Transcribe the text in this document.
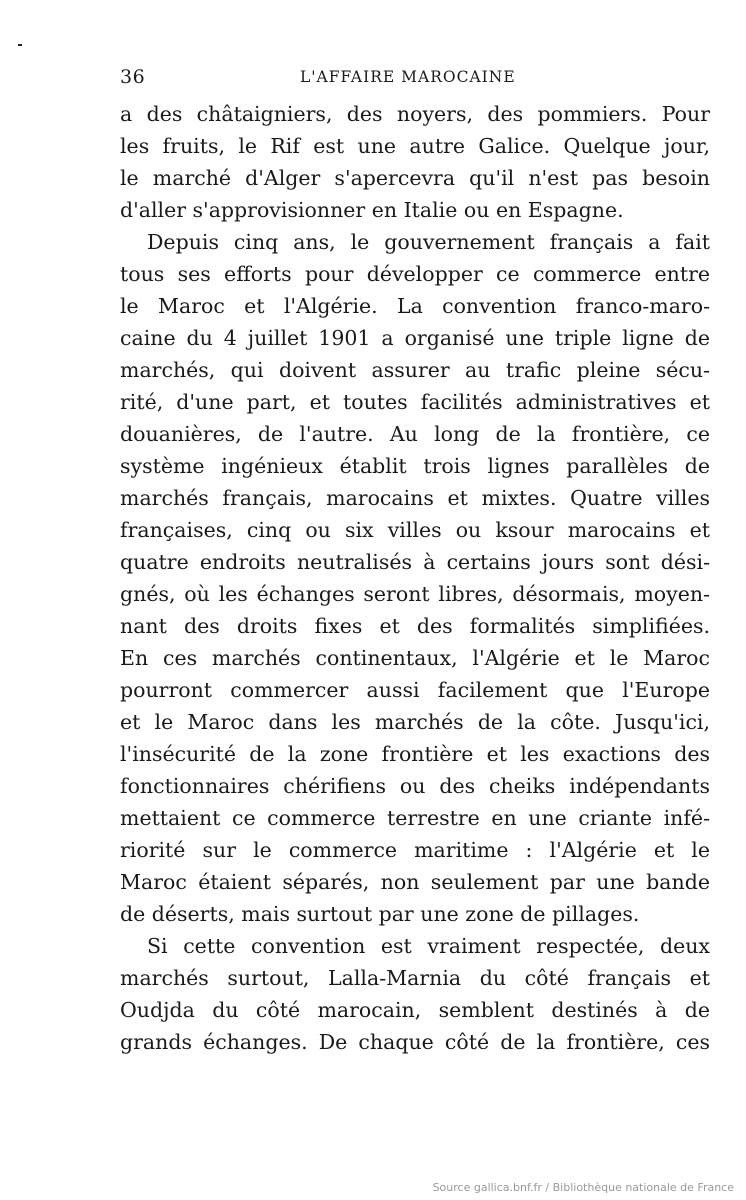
36	L'AFFAIRE MAROCAINE
a des châtaigniers, des noyers, des pommiers. Pour
les fruits, le Rif est une autre Galice. Quelque jour,
le marché d'Alger s'apercevra qu'il n'est pas besoin
d'aller s'approvisionner en Italie ou en Espagne.
Depuis cinq ans, le gouvernement français a fait
tous ses efforts pour développer ce commerce entre
le Maroc et l'Algérie. La convention franco-maro-
caine du 4 juillet 1901 a organisé une triple ligne de
marchés, qui doivent assurer au trafic pleine sécu-
rité, d'une part, et toutes facilités administratives et
douanières, de l'autre. Au long de la frontière, ce
système ingénieux établit trois lignes parallèles de
marchés français, marocains et mixtes. Quatre villes
françaises, cinq ou six villes ou ksour marocains et
quatre endroits neutralisés à certains jours sont dési-
gnés, où les échanges seront libres, désormais, moyen-
nant des droits fixes et des formalités simplifiées.
En ces marchés continentaux, l'Algérie et le Maroc
pourront commercer aussi facilement que l'Europe
et le Maroc dans les marchés de la côte. Jusqu'ici,
l'insécurité de la zone frontière et les exactions des
fonctionnaires chérifiens ou des cheiks indépendants
mettaient ce commerce terrestre en une criante infé-
riorité sur le commerce maritime : l'Algérie et le
Maroc étaient séparés, non seulement par une bande
de déserts, mais surtout par une zone de pillages.
Si cette convention est vraiment respectée, deux
marchés surtout, Lalla-Marnia du côté français et
Oudjda du côté marocain, semblent destinés à de
grands échanges. De chaque côté de la frontière, ces
Source gallica.bnf.fr / Bibliothèque nationale de France
